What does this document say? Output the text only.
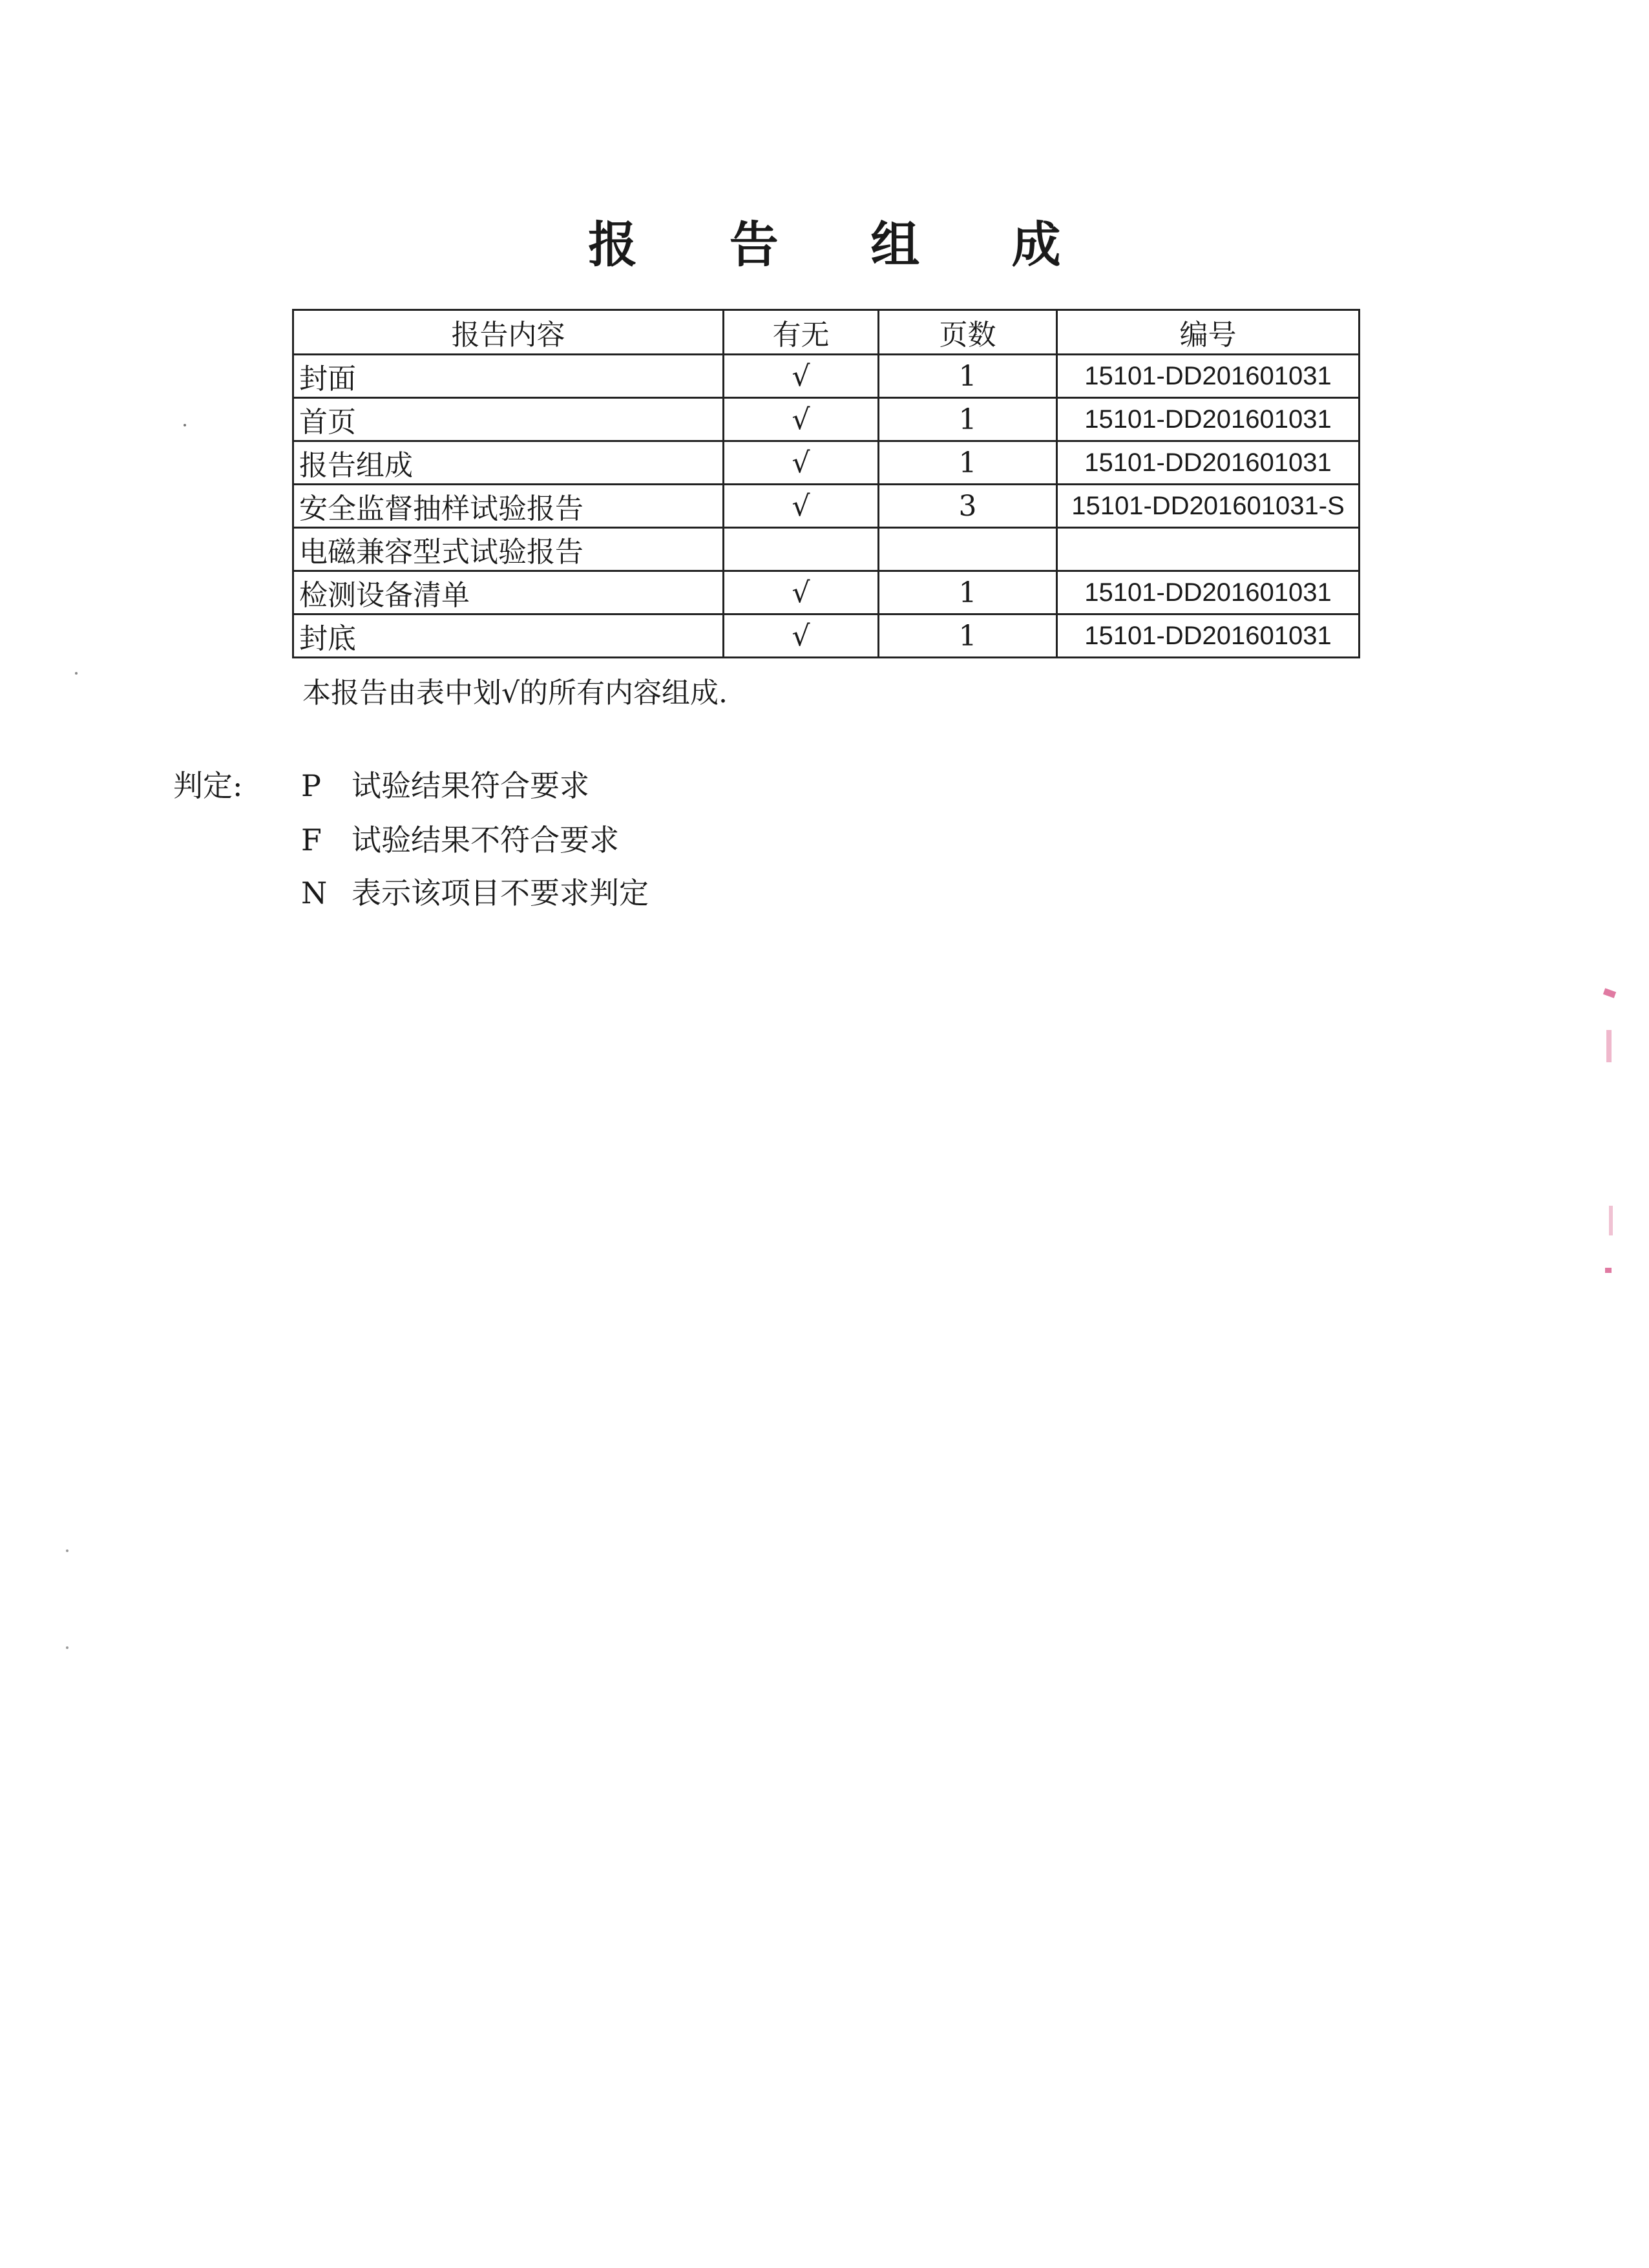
报 告 组 成
报告内容	有无	页数	编号
封面	√	1	15101-DD201601031
首页	√	1	15101-DD201601031
报告组成	√	1	15101-DD201601031
安全监督抽样试验报告	√	3	15101-DD201601031-S
电磁兼容型式试验报告			
检测设备清单	√	1	15101-DD201601031
封底	√	1	15101-DD201601031
本报告由表中划√的所有内容组成.
判定: P 试验结果符合要求
F 试验结果不符合要求
N 表示该项目不要求判定
